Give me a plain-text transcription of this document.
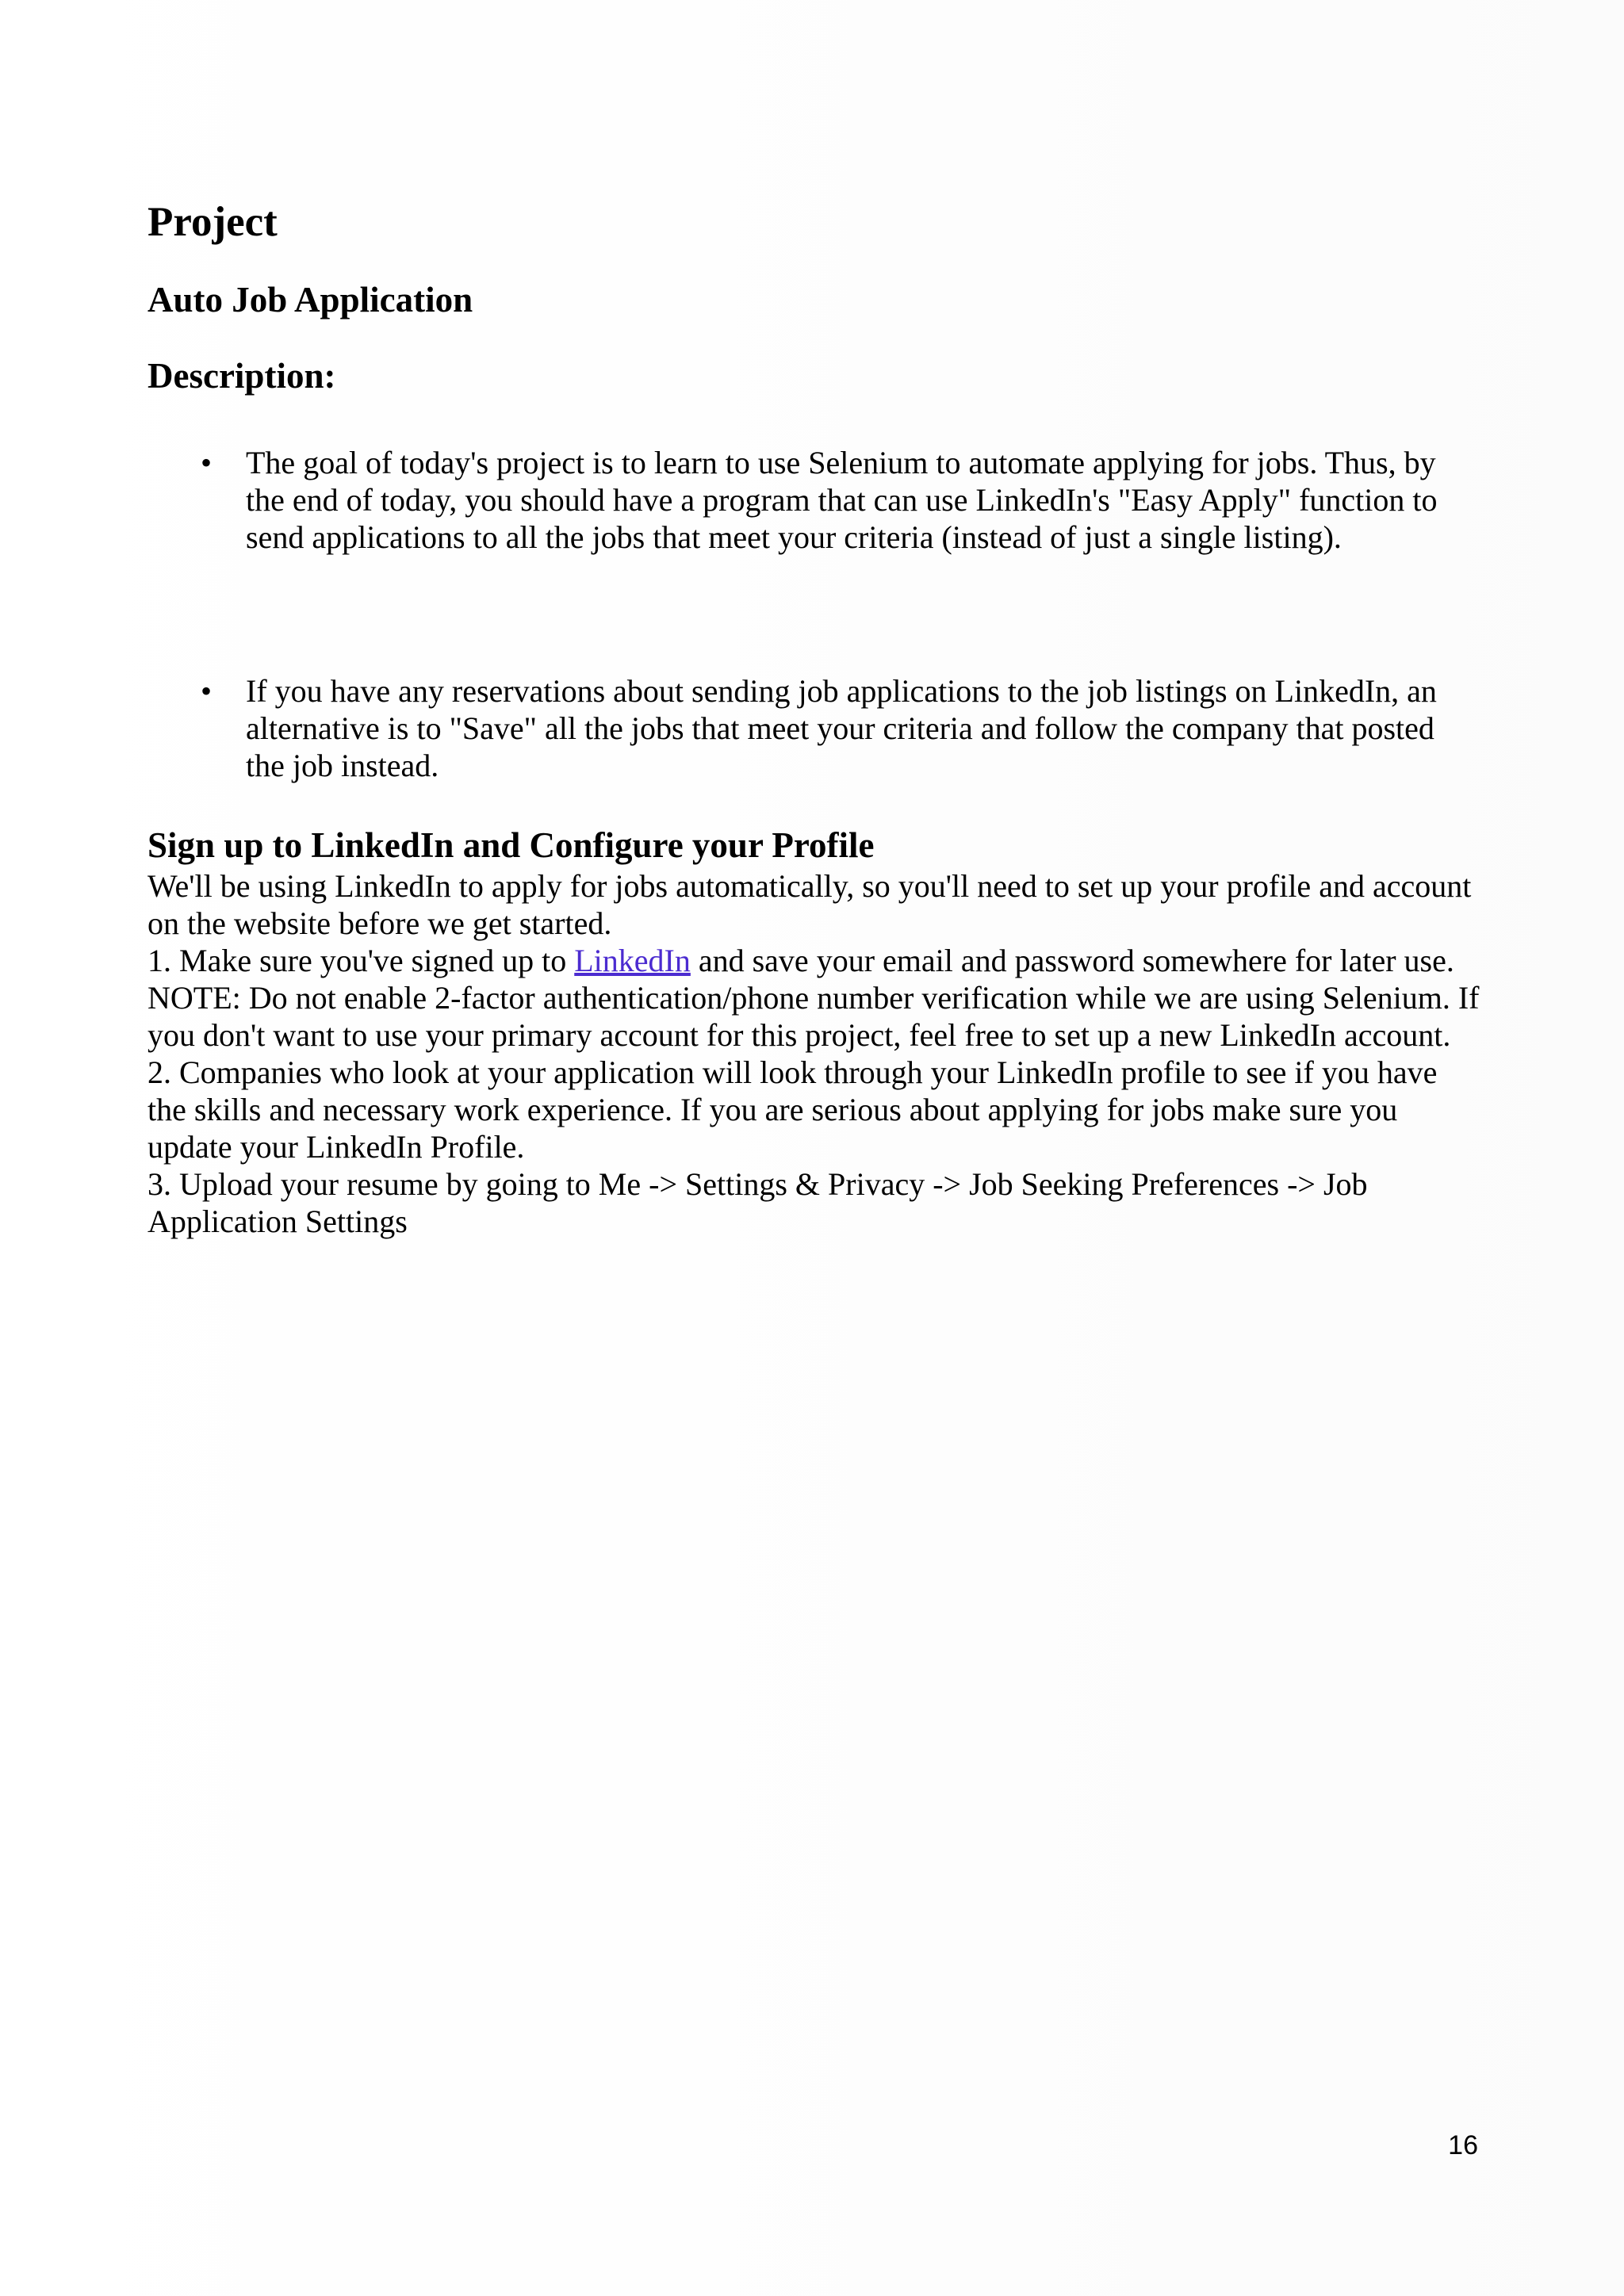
Project
Auto Job Application
Description:
• The goal of today's project is to learn to use Selenium to automate applying for jobs. Thus, by the end of today, you should have a program that can use LinkedIn's "Easy Apply" function to send applications to all the jobs that meet your criteria (instead of just a single listing).
• If you have any reservations about sending job applications to the job listings on LinkedIn, an alternative is to "Save" all the jobs that meet your criteria and follow the company that posted the job instead.
Sign up to LinkedIn and Configure your Profile

We'll be using LinkedIn to apply for jobs automatically, so you'll need to set up your profile and account on the website before we get started.

1. Make sure you've signed up to LinkedIn and save your email and password somewhere for later use.

NOTE: Do not enable 2-factor authentication/phone number verification while we are using Selenium. If you don't want to use your primary account for this project, feel free to set up a new LinkedIn account.

2. Companies who look at your application will look through your LinkedIn profile to see if you have the skills and necessary work experience. If you are serious about applying for jobs make sure you update your LinkedIn Profile.

3. Upload your resume by going to Me -> Settings & Privacy -> Job Seeking Preferences -> Job Application Settings

16
